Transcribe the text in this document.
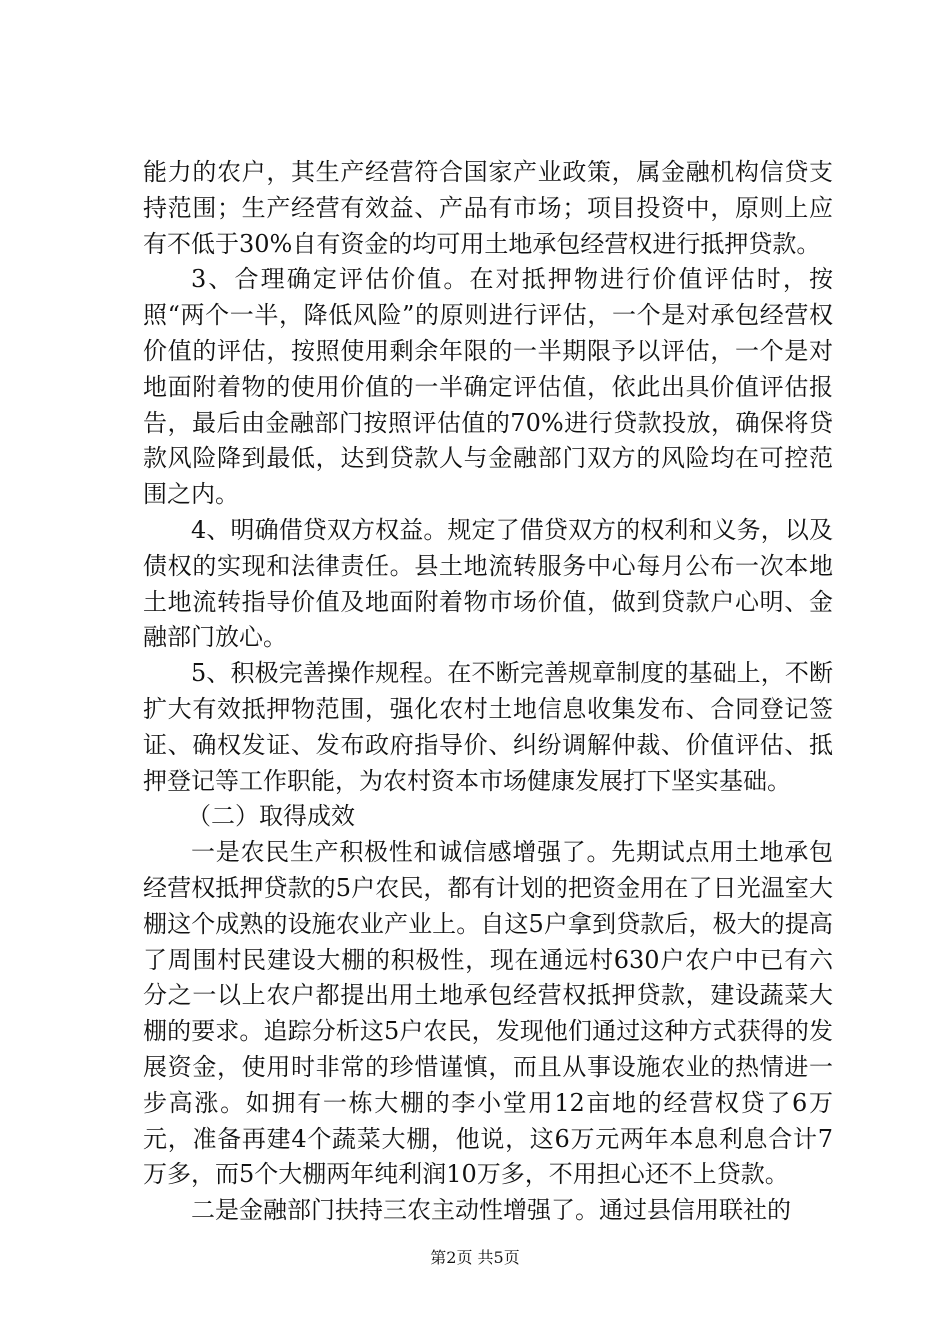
能力的农户，其生产经营符合国家产业政策，属金融机构信贷支持范围；生产经营有效益、产品有市场；项目投资中，原则上应有不低于30%自有资金的均可用土地承包经营权进行抵押贷款。

3、合理确定评估价值。在对抵押物进行价值评估时，按照“两个一半，降低风险”的原则进行评估，一个是对承包经营权价值的评估，按照使用剩余年限的一半期限予以评估，一个是对地面附着物的使用价值的一半确定评估值，依此出具价值评估报告，最后由金融部门按照评估值的70%进行贷款投放，确保将贷款风险降到最低，达到贷款人与金融部门双方的风险均在可控范围之内。

4、明确借贷双方权益。规定了借贷双方的权利和义务，以及债权的实现和法律责任。县土地流转服务中心每月公布一次本地土地流转指导价值及地面附着物市场价值，做到贷款户心明、金融部门放心。

5、积极完善操作规程。在不断完善规章制度的基础上，不断扩大有效抵押物范围，强化农村土地信息收集发布、合同登记签证、确权发证、发布政府指导价、纠纷调解仲裁、价值评估、抵押登记等工作职能，为农村资本市场健康发展打下坚实基础。

（二）取得成效

一是农民生产积极性和诚信感增强了。先期试点用土地承包经营权抵押贷款的5户农民，都有计划的把资金用在了日光温室大棚这个成熟的设施农业产业上。自这5户拿到贷款后，极大的提高了周围村民建设大棚的积极性，现在通远村630户农户中已有六分之一以上农户都提出用土地承包经营权抵押贷款，建设蔬菜大棚的要求。追踪分析这5户农民，发现他们通过这种方式获得的发展资金，使用时非常的珍惜谨慎，而且从事设施农业的热情进一步高涨。如拥有一栋大棚的李小堂用12亩地的经营权贷了6万元，准备再建4个蔬菜大棚，他说，这6万元两年本息利息合计7万多，而5个大棚两年纯利润10万多，不用担心还不上贷款。

二是金融部门扶持三农主动性增强了。通过县信用联社的

第2页 共5页
